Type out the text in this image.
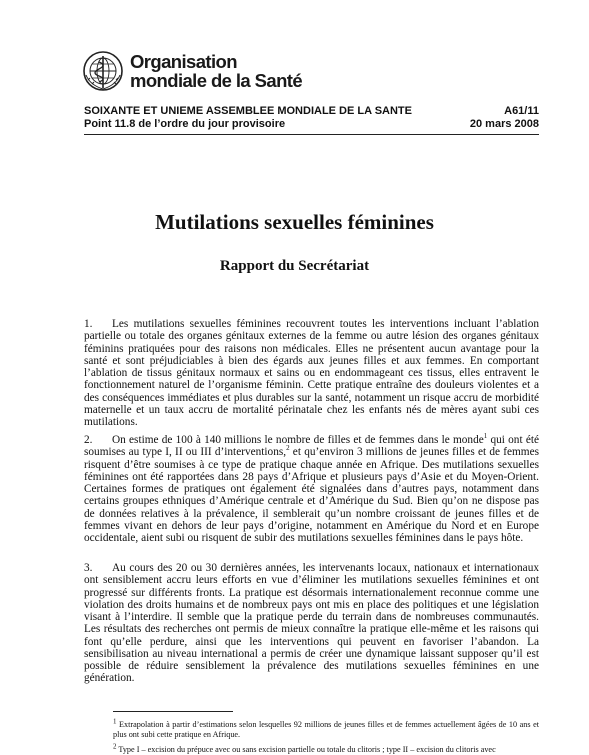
Organisation
mondiale de la Santé
SOIXANTE ET UNIEME ASSEMBLEE MONDIALE DE LA SANTE	A61/11
Point 11.8 de l’ordre du jour provisoire	20 mars 2008
Mutilations sexuelles féminines
Rapport du Secrétariat
1. Les mutilations sexuelles féminines recouvrent toutes les interventions incluant l’ablation partielle ou totale des organes génitaux externes de la femme ou autre lésion des organes génitaux féminins pratiquées pour des raisons non médicales. Elles ne présentent aucun avantage pour la santé et sont préjudiciables à bien des égards aux jeunes filles et aux femmes. En comportant l’ablation de tissus génitaux normaux et sains ou en endommageant ces tissus, elles entravent le fonctionnement naturel de l’organisme féminin. Cette pratique entraîne des douleurs violentes et a des conséquences immédiates et plus durables sur la santé, notamment un risque accru de morbidité maternelle et un taux accru de mortalité périnatale chez les enfants nés de mères ayant subi ces mutilations.
2. On estime de 100 à 140 millions le nombre de filles et de femmes dans le monde$^1$ qui ont été soumises au type I, II ou III d’interventions,$^2$ et qu’environ 3 millions de jeunes filles et de femmes risquent d’être soumises à ce type de pratique chaque année en Afrique. Des mutilations sexuelles féminines ont été rapportées dans 28 pays d’Afrique et plusieurs pays d’Asie et du Moyen-Orient. Certaines formes de pratiques ont également été signalées dans d’autres pays, notamment dans certains groupes ethniques d’Amérique centrale et d’Amérique du Sud. Bien qu’on ne dispose pas de données relatives à la prévalence, il semblerait qu’un nombre croissant de jeunes filles et de femmes vivant en dehors de leur pays d’origine, notamment en Amérique du Nord et en Europe occidentale, aient subi ou risquent de subir des mutilations sexuelles féminines dans le pays hôte.
3. Au cours des 20 ou 30 dernières années, les intervenants locaux, nationaux et internationaux ont sensiblement accru leurs efforts en vue d’éliminer les mutilations sexuelles féminines et ont progressé sur différents fronts. La pratique est désormais internationalement reconnue comme une violation des droits humains et de nombreux pays ont mis en place des politiques et une législation visant à l’interdire. Il semble que la pratique perde du terrain dans de nombreuses communautés. Les résultats des recherches ont permis de mieux connaître la pratique elle-même et les raisons qui font qu’elle perdure, ainsi que les interventions qui peuvent en favoriser l’abandon. La sensibilisation au niveau international a permis de créer une dynamique laissant supposer qu’il est possible de réduire sensiblement la prévalence des mutilations sexuelles féminines en une génération.
$^1$ Extrapolation à partir d’estimations selon lesquelles 92 millions de jeunes filles et de femmes actuellement âgées de 10 ans et plus ont subi cette pratique en Afrique.
$^2$ Type I – excision du prépuce avec ou sans excision partielle ou totale du clitoris ; type II – excision du clitoris avec
